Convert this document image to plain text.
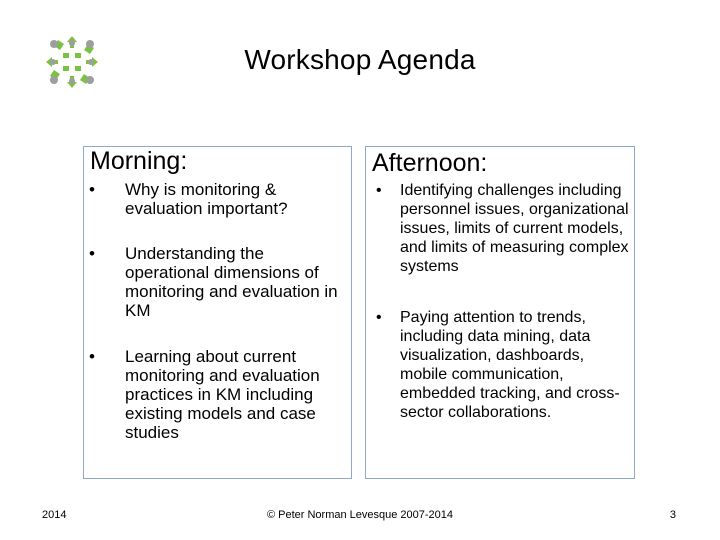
Workshop Agenda
Morning:	Afternoon:
• Why is monitoring & evaluation important?
• Understanding the operational dimensions of monitoring and evaluation in KM
• Learning about current monitoring and evaluation practices in KM including existing models and case studies
• Identifying challenges including personnel issues, organizational issues, limits of current models, and limits of measuring complex systems
• Paying attention to trends, including data mining, data visualization, dashboards, mobile communication, embedded tracking, and cross-sector collaborations.
2014	© Peter Norman Levesque 2007-2014	3
